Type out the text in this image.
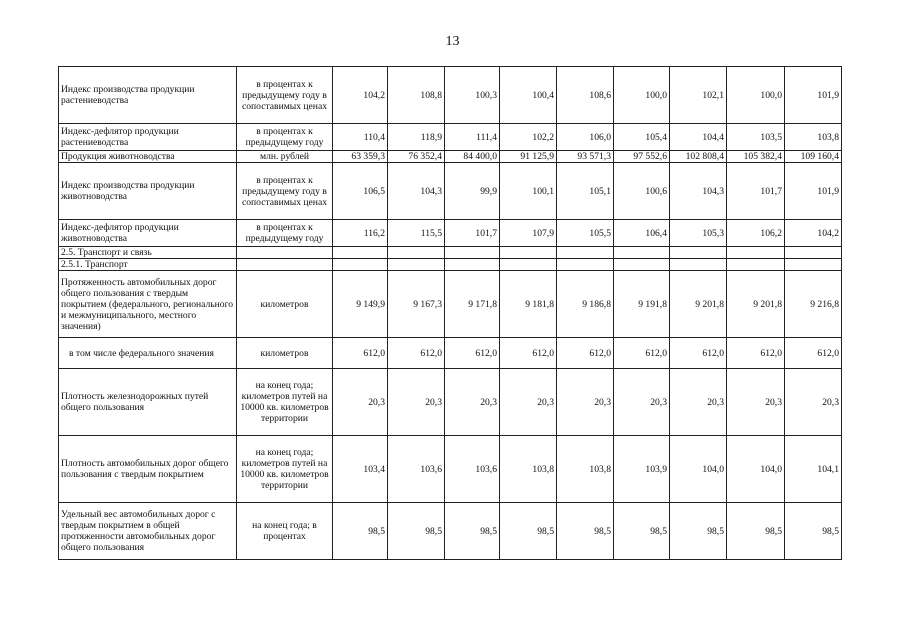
13
Индекс производства продукции растениеводства	в процентах к предыдущему году в сопоставимых ценах	104,2	108,8	100,3	100,4	108,6	100,0	102,1	100,0	101,9
Индекс-дефлятор продукции растениеводства	в процентах к предыдущему году	110,4	118,9	111,4	102,2	106,0	105,4	104,4	103,5	103,8
Продукция животноводства	млн. рублей	63 359,3	76 352,4	84 400,0	91 125,9	93 571,3	97 552,6	102 808,4	105 382,4	109 160,4
Индекс производства продукции животноводства	в процентах к предыдущему году в сопоставимых ценах	106,5	104,3	99,9	100,1	105,1	100,6	104,3	101,7	101,9
Индекс-дефлятор продукции животноводства	в процентах к предыдущему году	116,2	115,5	101,7	107,9	105,5	106,4	105,3	106,2	104,2
2.5. Транспорт и связь										
2.5.1. Транспорт										
Протяженность автомобильных дорог общего пользования с твердым покрытием (федерального, регионального и межмуниципального, местного значения)	километров	9 149,9	9 167,3	9 171,8	9 181,8	9 186,8	9 191,8	9 201,8	9 201,8	9 216,8
в том числе федерального значения	километров	612,0	612,0	612,0	612,0	612,0	612,0	612,0	612,0	612,0
Плотность железнодорожных путей общего пользования	на конец года; километров путей на 10000 кв. километров территории	20,3	20,3	20,3	20,3	20,3	20,3	20,3	20,3	20,3
Плотность автомобильных дорог общего пользования с твердым покрытием	на конец года; километров путей на 10000 кв. километров территории	103,4	103,6	103,6	103,8	103,8	103,9	104,0	104,0	104,1
Удельный вес автомобильных дорог с твердым покрытием в общей протяженности автомобильных дорог общего пользования	на конец года; в процентах	98,5	98,5	98,5	98,5	98,5	98,5	98,5	98,5	98,5
